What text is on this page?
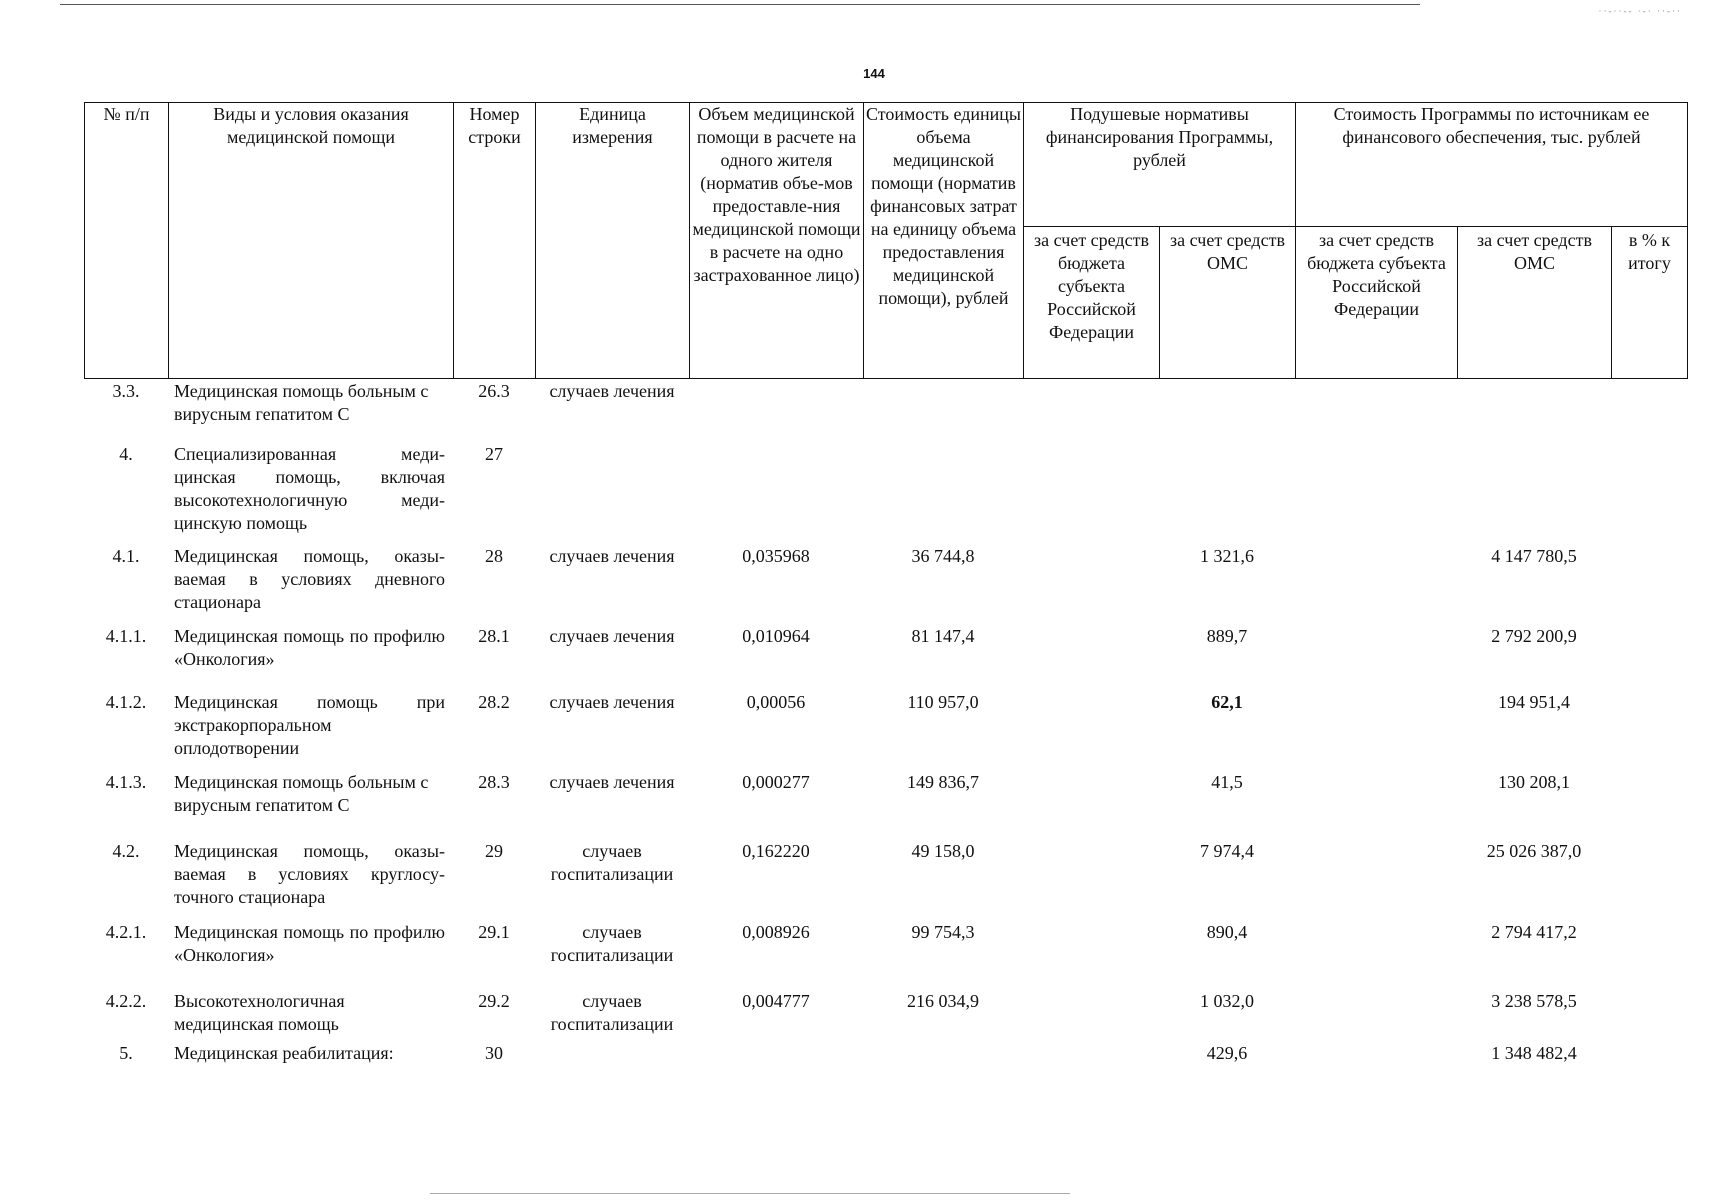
··‑··‑‑ ·‑· ··‑··
144
№ п/п	Виды и условия оказания медицинской помощи	Номер строки	Единица измерения	Объем медицинской помощи в расчете на одного жителя (норматив объе-мов предоставле-ния медицинской помощи в расчете на одно застрахованное лицо)	Стоимость единицы объема медицинской помощи (норматив финансовых затрат на единицу объема предоставления медицинской помощи), рублей	Подушевые нормативы финансирования Программы, рублей		Стоимость Программы по источникам ее финансового обеспечения, тыс. рублей		
						за счет средств бюджета субъекта Российской Федерации	за счет средств ОМС	за счет средств бюджета субъекта Российской Федерации	за счет средств ОМС	в % к итогу
3.3.	Медицинская помощь больным с вирусным гепатитом С	26.3	случаев лечения							
4.	Специализированная меди-цинская помощь, включая высокотехнологичную меди-цинскую помощь	27								
4.1.	Медицинская помощь, оказы-ваемая в условиях дневного стационара	28	случаев лечения	0,035968	36 744,8		1 321,6		4 147 780,5	
4.1.1.	Медицинская помощь по профилю «Онкология»	28.1	случаев лечения	0,010964	81 147,4		889,7		2 792 200,9	
4.1.2.	Медицинская помощь при экстракорпоральном оплодотворении	28.2	случаев лечения	0,00056	110 957,0		62,1		194 951,4	
4.1.3.	Медицинская помощь больным с вирусным гепатитом С	28.3	случаев лечения	0,000277	149 836,7		41,5		130 208,1	
4.2.	Медицинская помощь, оказы-ваемая в условиях круглосу-точного стационара	29	случаев госпитализации	0,162220	49 158,0		7 974,4		25 026 387,0	
4.2.1.	Медицинская помощь по профилю «Онкология»	29.1	случаев госпитализации	0,008926	99 754,3		890,4		2 794 417,2	
4.2.2.	Высокотехнологичная медицинская помощь	29.2	случаев госпитализации	0,004777	216 034,9		1 032,0		3 238 578,5	
5.	Медицинская реабилитация:	30					429,6		1 348 482,4	
